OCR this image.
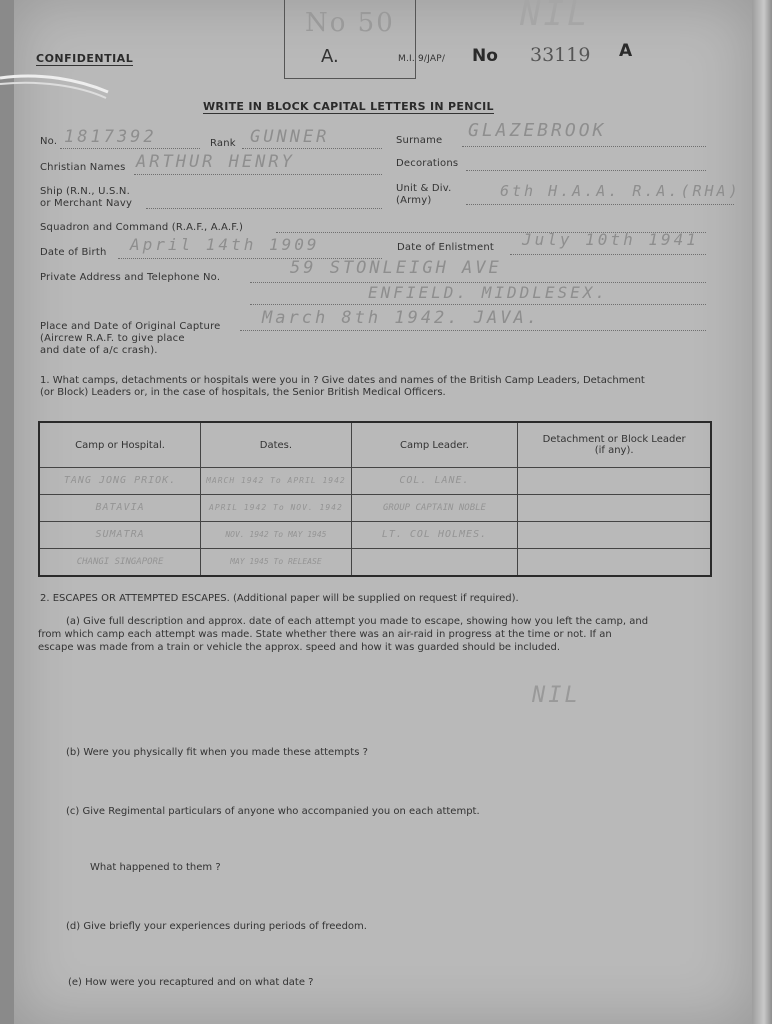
No 50
A.
NIL
CONFIDENTIAL	M.I. 9/JAP/ No 33119 A
WRITE IN BLOCK CAPITAL LETTERS IN PENCIL
No. 1817392	Rank GUNNER	Surname GLAZEBROOK
Christian Names ARTHUR HENRY	Decorations
Ship (R.N., U.S.N.
or Merchant Navy
Unit & Div.
(Army)
6th H.A.A. R.A.(RHA)
Squadron and Command (R.A.F., A.A.F.)
Date of Birth April 14th 1909	Date of Enlistment July 10th 1941
Private Address and Telephone No.	59 STONLEIGH AVE
ENFIELD. MIDDLESEX.
Place and Date of Original Capture
(Aircrew R.A.F. to give place
and date of a/c crash).
March 8th 1942. JAVA.
1. What camps, detachments or hospitals were you in ? Give dates and names of the British Camp Leaders, Detachment
(or Block) Leaders or, in the case of hospitals, the Senior British Medical Officers.
Camp or Hospital.	Dates.	Camp Leader.	Detachment or Block Leader (if any).
TANG JONG PRIOK.	MARCH 1942 To APRIL 1942	COL. LANE.	
BATAVIA	APRIL 1942 To NOV. 1942	GROUP CAPTAIN NOBLE	
SUMATRA	NOV. 1942 To MAY 1945	LT. COL HOLMES.	
CHANGI SINGAPORE	MAY 1945 To RELEASE		
2. ESCAPES OR ATTEMPTED ESCAPES. (Additional paper will be supplied on request if required).
(a) Give full description and approx. date of each attempt you made to escape, showing how you left the camp, and
from which camp each attempt was made. State whether there was an air-raid in progress at the time or not. If an
escape was made from a train or vehicle the approx. speed and how it was guarded should be included.
NIL
(b) Were you physically fit when you made these attempts ?
(c) Give Regimental particulars of anyone who accompanied you on each attempt.
What happened to them ?
(d) Give briefly your experiences during periods of freedom.
(e) How were you recaptured and on what date ?
